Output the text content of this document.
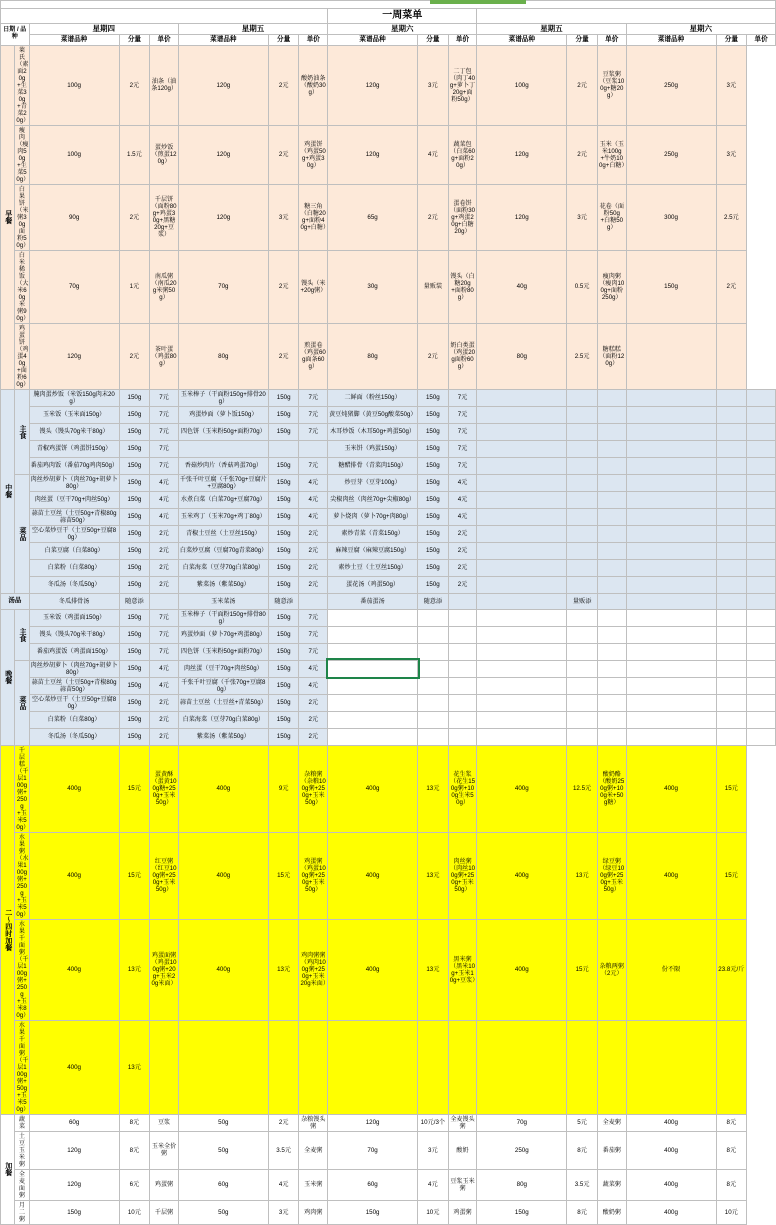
								一周菜单								
日期 / 品种		星期四			星期五			星期六			星期五			星期六		
		菜谱品种	分量	单价	菜谱品种	分量	单价	菜谱品种	分量	单价	菜谱品种	分量	单价	菜谱品种	分量	单价
早餐	莱氏（素面20g+生菜30g+青菜20g）	100g	2元	油条（油条120g）	120g	2元	酸奶油条（酸奶30g）	120g	3元	二丁包（肉丁40g+萝卜丁20g+面粉50g）	100g	2元	豆浆粥（豆浆100g+糖20g）	250g	3元	
	瘦肉（瘦肉50g+生菜50g）	100g	1.5元	蛋炒饭（煎蛋120g）	120g	2元	鸡蛋饼（鸡蛋50g+鸡蛋30g）	120g	4元	蔬菜包（白菜60g+面粉20g）	120g	2元	玉米（玉米100g+牛奶100g+白糖）	250g	3元	
	白果饼（米粥30g面粉50g）	90g	2元	千层饼（面粉80g+鸡蛋30g+黑糖20g+豆浆）	120g	3元	糖三角（白糖20g+面粉40g+白糖）	65g	2元	蛋卷饼（面粉30g+鸡蛋20g+白糖20g）	120g	3元	花卷（面粉50g+白糖50g）	300g	2.5元	
	白米稀饭（大米60g米粥90g）	70g	1元	南瓜粥（南瓜20g米粥50g）	70g	2元	馒头（米+20g粥）	30g	量贩装	馒头（白糖20g+面粉80g）	40g	0.5元	瘦肉粥（瘦肉100g+面粉250g）	150g	2元	
	鸡蛋饼（鸡蛋40g+面粉60g）	120g	2元	茶叶蛋（鸡蛋80g）	80g	2元	煎蛋卷（鸡蛋60g面条60g）	80g	2元	奶白类蛋（鸡蛋20g面粉60g）	80g	2.5元	糖糕糕（面粉120g）			
中餐	主食	腌肉蛋炒饭（米饭150g肉末20g）	150g	7元	玉米棒子（干面粉150g+排骨20g）	150g	7元	二鲜面（粉丝150g）	150g	7元						
		玉米饭（玉米面150g）	150g	7元	鸡蛋炒面（萝卜饭150g）	150g	7元	黄豆炖猪脚（黄豆50g酸菜50g）	150g	7元						
		馒头（馒头70g米干80g）	150g	7元	四色饼（玉米粉50g+面粉70g）	150g	7元	木耳炒饭（木耳50g+鸡蛋50g）	150g	7元						
		青椒鸡蛋饼（鸡蛋饼150g）	150g	7元				玉米饼（鸡蛋150g）	150g	7元						
		番茄鸡肉饭（番茄70g鸡肉50g）	150g	7元	香菇炒肉片（香菇鸡蛋70g）	150g	7元	糖醋排骨（青菜肉150g）	150g	7元						
	菜品	肉丝炒胡萝卜（肉丝70g+胡萝卜80g）	150g	4元	千张千叶豆腐（千张70g+豆腐片+豆腐80g）	150g	4元	炒豆芽（豆芽100g）	150g	4元						
		肉丝蛋（豆干70g+肉丝50g）	150g	4元	水煮白菜（白菜70g+豆腐70g）	150g	4元	尖椒肉丝（肉丝70g+尖椒80g）	150g	4元						
		蒜苗土豆丝（土豆50g+青椒80g蒜苗50g）	150g	4元	玉米鸡丁（玉米70g+鸡丁80g）	150g	4元	萝卜烧肉（萝卜70g+肉80g）	150g	4元						
		空心菜炒豆干（土豆50g+豆腐80g）	150g	2元	青椒土豆丝（土豆丝150g）	150g	2元	素炒青菜（青菜150g）	150g	2元						
		白菜豆腐（白菜80g）	150g	2元	白菜炒豆腐（豆腐70g青菜80g）	150g	2元	麻辣豆腐（麻辣豆腐150g）	150g	2元						
		白菜粉（白菜80g）	150g	2元	白菜海菜（豆芽70g白菜80g）	150g	2元	素炒土豆（土豆丝150g）	150g	2元						
		冬瓜汤（冬瓜50g）	150g	2元	紫菜汤（紫菜50g）	150g	2元	蛋花汤（鸡蛋50g）	150g	2元						
汤品		冬瓜排骨汤	随意添		玉米菜汤	随意添		番茄蛋汤	随意添			量贩添				
晚餐	主食	玉米饭（鸡蛋面150g）	150g	7元	玉米棒子（干面粉150g+排骨80g）	150g	7元									
		馒头（馒头70g米干80g）	150g	7元	鸡蛋炒面（萝卜70g+鸡蛋80g）	150g	7元									
		番茄鸡蛋饭（鸡蛋面150g）	150g	7元	四色饼（玉米粉50g+面粉70g）	150g	7元									
	菜品	肉丝炒胡萝卜（肉丝70g+胡萝卜80g）	150g	4元	肉丝蛋（豆干70g+肉丝50g）	150g	4元									
		蒜苗土豆丝（土豆50g+青椒80g蒜苗50g）	150g	4元	千张千叶豆腐（千张70g+豆腐80g）	150g	4元									
		空心菜炒豆干（土豆50g+豆腐80g）	150g	2元	蒜苗土豆丝（土豆丝+青菜50g）	150g	2元									
		白菜粉（白菜80g）	150g	2元	白菜海菜（豆芽70g白菜80g）	150g	2元									
		冬瓜汤（冬瓜50g）	150g	2元	紫菜汤（紫菜50g）	150g	2元									
二～四时加餐	千层糕（千层100g粥+250g+玉米50g）	400g	15元	蛋黄酥（蛋黄100g糖+250g+玉米50g）	400g	9元	杂粮粥（杂粮100g粥+250g+玉米50g）	400g	13元	花生浆（花生150g粥+100g生米50g）	400g	12.5元	酸奶酪（酸奶250g粥+100g米+50g糖）	400g	15元	
	水果粥（水果100g粥+250g+玉米50g）	400g	15元	红豆粥（红豆100g粥+250g+玉米50g）	400g	15元	鸡蛋粥（鸡蛋100g粥+250g+玉米50g）	400g	13元	肉丝粥（肉丝100g粥+250g+玉米50g）	400g	13元	绿豆粥（绿豆100g粥+250g+玉米50g）	400g	15元	
	水果千面粥（千层100g粥+250g+玉米80g）	400g	13元	鸡蛋面粥（鸡蛋100g粥+20g+玉米20g米面）	400g	13元	鸡肉粥粥（鸡肉100g粥+250g+玉米20g米面）	400g	13元	黑米粥（黑米10g+玉米10g+豆浆）	400g	15元	杂粮两粥（2元）	份不限	23.8元/斤	
	水果千面粥（千层100g粥+50g+玉米50g）	400g	13元													
加餐	蔬菜	60g	8元	豆浆	50g	2元	杂粮馒头粥	120g	10元/3个	全麦馒头粥	70g	5元	全麦粥	400g	8元	
	土豆玉米粥	120g	8元	玉米全价粥	50g	3.5元	全麦粥	70g	3元	酸奶	250g	8元	番茄粥	400g	8元	
	全麦面粥	120g	6元	鸡蛋粥	60g	4元	玉米粥	60g	4元	豆浆玉米粥	80g	3.5元	蔬菜粥	400g	8元	
	月二粥	150g	10元	千层粥	50g	3元	鸡肉粥	150g	10元	鸡蛋粥	150g	8元	酸奶粥	400g	10元	
